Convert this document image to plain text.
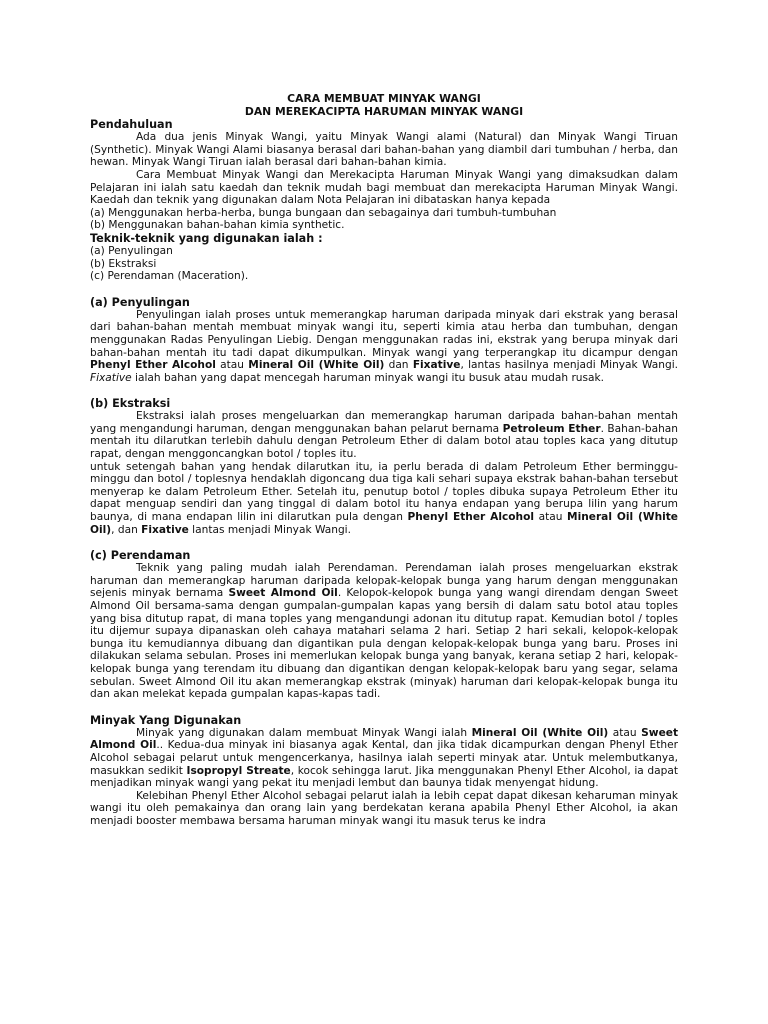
CARA MEMBUAT MINYAK WANGI
DAN MEREKACIPTA HARUMAN MINYAK WANGI
Pendahuluan

Ada dua jenis Minyak Wangi, yaitu Minyak Wangi alami (Natural) dan Minyak Wangi Tiruan (Synthetic). Minyak Wangi Alami biasanya berasal dari bahan-bahan yang diambil dari tumbuhan / herba, dan hewan. Minyak Wangi Tiruan ialah berasal dari bahan-bahan kimia.

Cara Membuat Minyak Wangi dan Merekacipta Haruman Minyak Wangi yang dimaksudkan dalam Pelajaran ini ialah satu kaedah dan teknik mudah bagi membuat dan merekacipta Haruman Minyak Wangi. Kaedah dan teknik yang digunakan dalam Nota Pelajaran ini dibataskan hanya kepada

(a) Menggunakan herba-herba, bunga bungaan dan sebagainya dari tumbuh-tumbuhan
(b) Menggunakan bahan-bahan kimia synthetic.
Teknik-teknik yang digunakan ialah :
(a) Penyulingan
(b) Ekstraksi
(c) Perendaman (Maceration).
(a) Penyulingan

Penyulingan ialah proses untuk memerangkap haruman daripada minyak dari ekstrak yang berasal dari bahan-bahan mentah membuat minyak wangi itu, seperti kimia atau herba dan tumbuhan, dengan menggunakan Radas Penyulingan Liebig. Dengan menggunakan radas ini, ekstrak yang berupa minyak dari bahan-bahan mentah itu tadi dapat dikumpulkan. Minyak wangi yang terperangkap itu dicampur dengan Phenyl Ether Alcohol atau Mineral Oil (White Oil) dan Fixative, lantas hasilnya menjadi Minyak Wangi. Fixative ialah bahan yang dapat mencegah haruman minyak wangi itu busuk atau mudah rusak.

(b) Ekstraksi

Ekstraksi ialah proses mengeluarkan dan memerangkap haruman daripada bahan-bahan mentah yang mengandungi haruman, dengan menggunakan bahan pelarut bernama Petroleum Ether. Bahan-bahan mentah itu dilarutkan terlebih dahulu dengan Petroleum Ether di dalam botol atau toples kaca yang ditutup rapat, dengan menggoncangkan botol / toples itu.

untuk setengah bahan yang hendak dilarutkan itu, ia perlu berada di dalam Petroleum Ether berminggu-minggu dan botol / toplesnya hendaklah digoncang dua tiga kali sehari supaya ekstrak bahan-bahan tersebut menyerap ke dalam Petroleum Ether. Setelah itu, penutup botol / toples dibuka supaya Petroleum Ether itu dapat menguap sendiri dan yang tinggal di dalam botol itu hanya endapan yang berupa lilin yang harum baunya, di mana endapan lilin ini dilarutkan pula dengan Phenyl Ether Alcohol atau Mineral Oil (White Oil), dan Fixative lantas menjadi Minyak Wangi.

(c) Perendaman

Teknik yang paling mudah ialah Perendaman. Perendaman ialah proses mengeluarkan ekstrak haruman dan memerangkap haruman daripada kelopak-kelopak bunga yang harum dengan menggunakan sejenis minyak bernama Sweet Almond Oil. Kelopok-kelopok bunga yang wangi direndam dengan Sweet Almond Oil bersama-sama dengan gumpalan-gumpalan kapas yang bersih di dalam satu botol atau toples yang bisa ditutup rapat, di mana toples yang mengandungi adonan itu ditutup rapat. Kemudian botol / toples itu dijemur supaya dipanaskan oleh cahaya matahari selama 2 hari. Setiap 2 hari sekali, kelopok-kelopak bunga itu kemudiannya dibuang dan digantikan pula dengan kelopak-kelopak bunga yang baru. Proses ini dilakukan selama sebulan. Proses ini memerlukan kelopak bunga yang banyak, kerana setiap 2 hari, kelopak-kelopak bunga yang terendam itu dibuang dan digantikan dengan kelopak-kelopak baru yang segar, selama sebulan. Sweet Almond Oil itu akan memerangkap ekstrak (minyak) haruman dari kelopak-kelopak bunga itu dan akan melekat kepada gumpalan kapas-kapas tadi.

Minyak Yang Digunakan

Minyak yang digunakan dalam membuat Minyak Wangi ialah Mineral Oil (White Oil) atau Sweet Almond Oil.. Kedua-dua minyak ini biasanya agak Kental, dan jika tidak dicampurkan dengan Phenyl Ether Alcohol sebagai pelarut untuk mengencerkanya, hasilnya ialah seperti minyak atar. Untuk melembutkanya, masukkan sedikit Isopropyl Streate, kocok sehingga larut. Jika menggunakan Phenyl Ether Alcohol, ia dapat menjadikan minyak wangi yang pekat itu menjadi lembut dan baunya tidak menyengat hidung.

Kelebihan Phenyl Ether Alcohol sebagai pelarut ialah ia lebih cepat dapat dikesan keharuman minyak wangi itu oleh pemakainya dan orang lain yang berdekatan kerana apabila Phenyl Ether Alcohol, ia akan menjadi booster membawa bersama haruman minyak wangi itu masuk terus ke indra
